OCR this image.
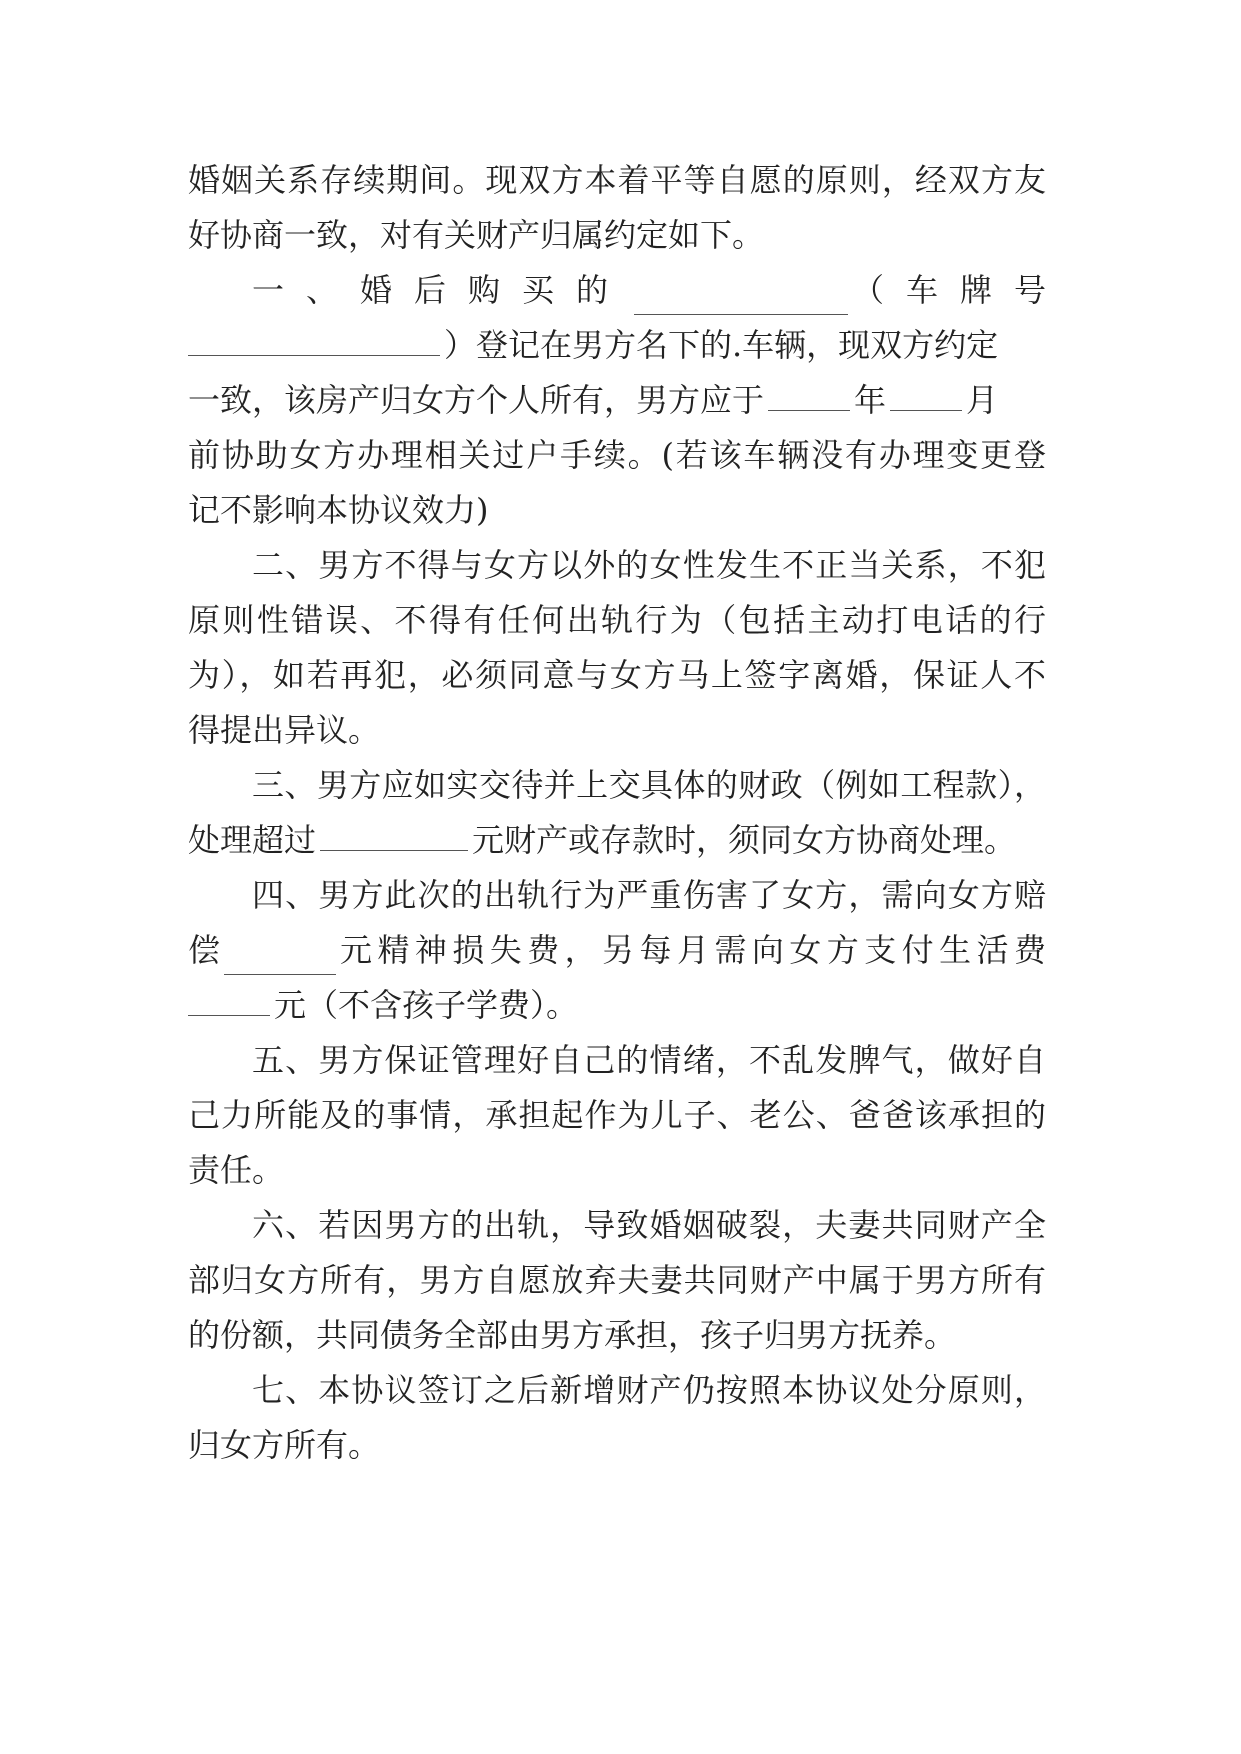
婚姻关系存续期间。现双方本着平等自愿的原则，经双方友
好协商一致，对有关财产归属约定如下。
一、婚后购买的	（车牌号
）登记在男方名下的.车辆，现双方约定
一致，该房产归女方个人所有，男方应于	年	月
前协助女方办理相关过户手续。(若该车辆没有办理变更登
记不影响本协议效力)
二、男方不得与女方以外的女性发生不正当关系，不犯
原则性错误、不得有任何出轨行为（包括主动打电话的行
为），如若再犯，必须同意与女方马上签字离婚，保证人不
得提出异议。
三、男方应如实交待并上交具体的财政（例如工程款），
处理超过	元财产或存款时，须同女方协商处理。
四、男方此次的出轨行为严重伤害了女方，需向女方赔
偿	元精神损失费，另每月需向女方支付生活费
元（不含孩子学费）。
五、男方保证管理好自己的情绪，不乱发脾气，做好自
己力所能及的事情，承担起作为儿子、老公、爸爸该承担的
责任。
六、若因男方的出轨，导致婚姻破裂，夫妻共同财产全
部归女方所有，男方自愿放弃夫妻共同财产中属于男方所有
的份额，共同债务全部由男方承担，孩子归男方抚养。
七、本协议签订之后新增财产仍按照本协议处分原则，
归女方所有。
